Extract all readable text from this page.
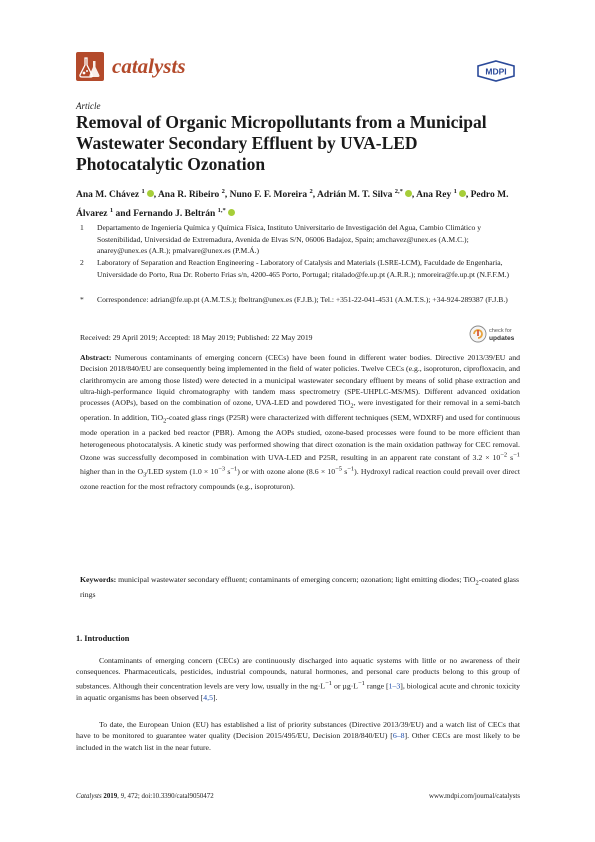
catalysts	MDPI
Article
Removal of Organic Micropollutants from a Municipal Wastewater Secondary Effluent by UVA-LED Photocatalytic Ozonation
Ana M. Chávez $^1$ , Ana R. Ribeiro $^2$, Nuno F. F. Moreira $^2$, Adrián M. T. Silva $^{2,*}$ , Ana Rey $^1$ , Pedro M. Álvarez $^1$ and Fernando J. Beltrán $^{1,*}$
1 Departamento de Ingeniería Química y Química Física, Instituto Universitario de Investigación del Agua, Cambio Climático y Sostenibilidad, Universidad de Extremadura, Avenida de Elvas S/N, 06006 Badajoz, Spain; amchavez@unex.es (A.M.C.); anarey@unex.es (A.R.); pmalvare@unex.es (P.M.Á.)
2 Laboratory of Separation and Reaction Engineering - Laboratory of Catalysis and Materials (LSRE-LCM), Faculdade de Engenharia, Universidade do Porto, Rua Dr. Roberto Frias s/n, 4200-465 Porto, Portugal; ritalado@fe.up.pt (A.R.R.); nmoreira@fe.up.pt (N.F.F.M.)
* Correspondence: adrian@fe.up.pt (A.M.T.S.); fbeltran@unex.es (F.J.B.); Tel.: +351-22-041-4531 (A.M.T.S.); +34-924-289387 (F.J.B.)
Received: 29 April 2019; Accepted: 18 May 2019; Published: 22 May 2019
check for
updates
Abstract: Numerous contaminants of emerging concern (CECs) have been found in different water bodies. Directive 2013/39/EU and Decision 2018/840/EU are consequently being implemented in the field of water policies. Twelve CECs (e.g., isoproturon, ciprofloxacin, and clarithromycin are among those listed) were detected in a municipal wastewater secondary effluent by means of solid phase extraction and ultra-high-performance liquid chromatography with tandem mass spectrometry (SPE-UHPLC-MS/MS). Different advanced oxidation processes (AOPs), based on the combination of ozone, UVA-LED and powdered TiO$_2$, were investigated for their removal in a semi-batch operation. In addition, TiO$_2$-coated glass rings (P25R) were characterized with different techniques (SEM, WDXRF) and used for continuous mode operation in a packed bed reactor (PBR). Among the AOPs studied, ozone-based processes were found to be more efficient than heterogeneous photocatalysis. A kinetic study was performed showing that direct ozonation is the main oxidation pathway for CEC removal. Ozone was successfully decomposed in combination with UVA-LED and P25R, resulting in an apparent rate constant of $3.2 \times 10^{-2}$ $s^{-1}$ higher than in the $O_3$/LED system ($1.0 \times 10^{-3}$ $s^{-1}$) or with ozone alone ($8.6 \times 10^{-5}$ $s^{-1}$). Hydroxyl radical reaction could prevail over direct ozone reaction for the most refractory compounds (e.g., isoproturon).
Keywords: municipal wastewater secondary effluent; contaminants of emerging concern; ozonation; light emitting diodes; TiO$_2$-coated glass rings
1. Introduction
Contaminants of emerging concern (CECs) are continuously discharged into aquatic systems with little or no awareness of their consequences. Pharmaceuticals, pesticides, industrial compounds, natural hormones, and personal care products belong to this group of substances. Although their concentration levels are very low, usually in the $ng\cdot L^{-1}$ or $\mu g\cdot L^{-1}$ range [1–3], biological acute and chronic toxicity in aquatic organisms has been observed [4,5].
To date, the European Union (EU) has established a list of priority substances (Directive 2013/39/EU) and a watch list of CECs that have to be monitored to guarantee water quality (Decision 2015/495/EU, Decision 2018/840/EU) [6–8]. Other CECs are most likely to be included in the watch list in the near future.
Catalysts 2019, 9, 472; doi:10.3390/catal9050472	www.mdpi.com/journal/catalysts
